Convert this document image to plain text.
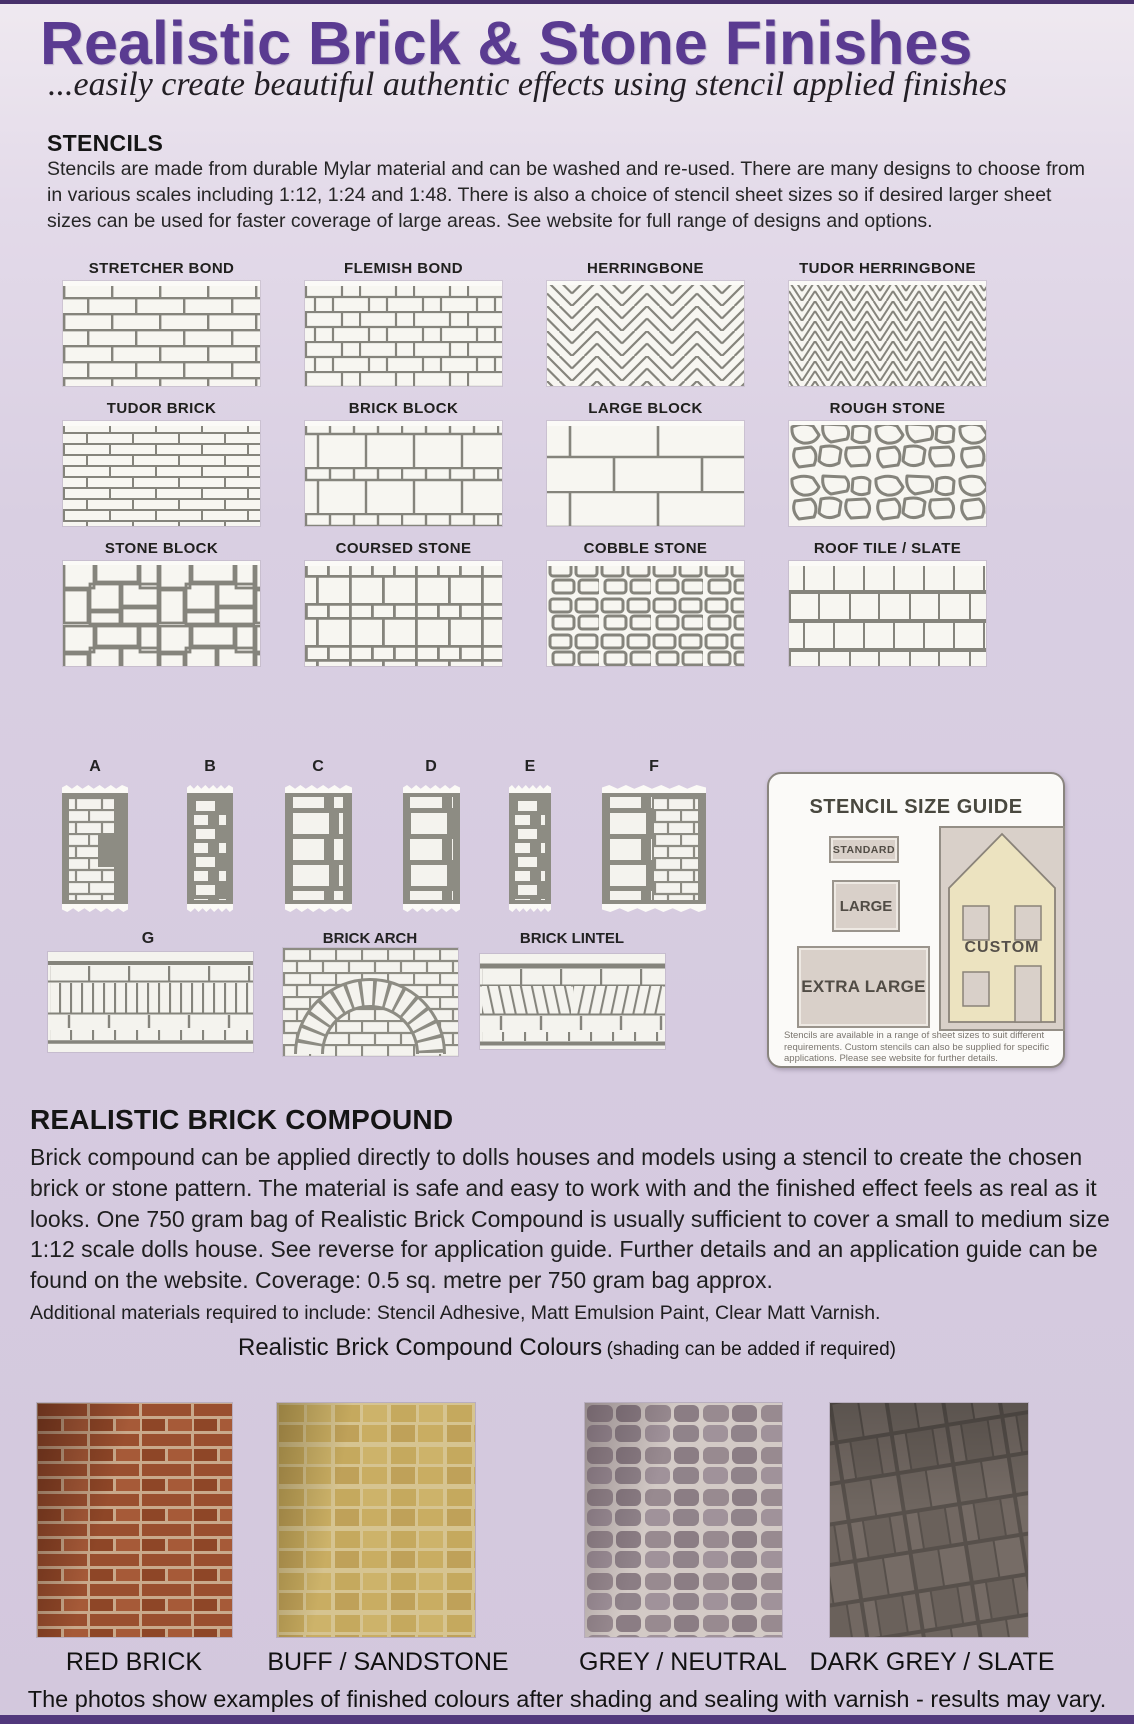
Realistic Brick & Stone Finishes
...easily create beautiful authentic effects using stencil applied finishes
STENCILS

Stencils are made from durable Mylar material and can be washed and re-used. There are many designs to choose from in various scales including 1:12, 1:24 and 1:48. There is also a choice of stencil sheet sizes so if desired larger sheet sizes can be used for faster coverage of large areas. See website for full range of designs and options.

STRETCHER BOND	FLEMISH BOND	HERRINGBONE	TUDOR HERRINGBONE
TUDOR BRICK	BRICK BLOCK	LARGE BLOCK	ROUGH STONE
STONE BLOCK	COURSED STONE	COBBLE STONE	ROOF TILE / SLATE
A	B	C	D	E	F
STENCIL SIZE GUIDE
STANDARD
LARGE
EXTRA LARGE
CUSTOM
Stencils are available in a range of sheet sizes to suit different requirements. Custom stencils can also be supplied for specific applications. Please see website for further details.
G	BRICK ARCH	BRICK LINTEL
REALISTIC BRICK COMPOUND

Brick compound can be applied directly to dolls houses and models using a stencil to create the chosen brick or stone pattern. The material is safe and easy to work with and the finished effect feels as real as it looks. One 750 gram bag of Realistic Brick Compound is usually sufficient to cover a small to medium size 1:12 scale dolls house. See reverse for application guide. Further details and an application guide can be found on the website. Coverage: 0.5 sq. metre per 750 gram bag approx.

Additional materials required to include: Stencil Adhesive, Matt Emulsion Paint, Clear Matt Varnish.
Realistic Brick Compound Colours (shading can be added if required)
RED BRICK	BUFF / SANDSTONE	GREY / NEUTRAL DARK GREY / SLATE
The photos show examples of finished colours after shading and sealing with varnish - results may vary.
